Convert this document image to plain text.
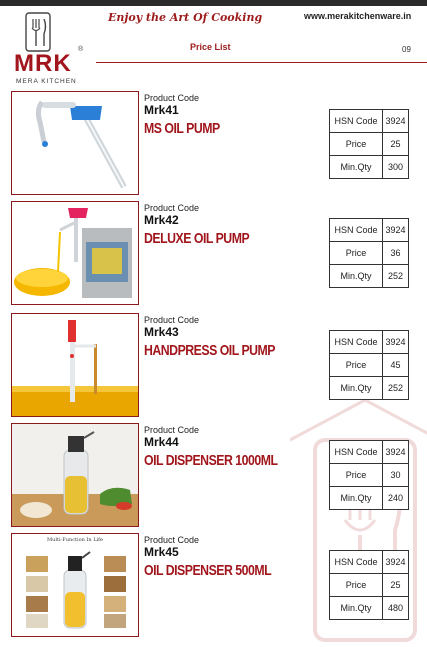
MRK
®
MERA KITCHEN
Enjoy the Art Of Cooking	www.merakitchenware.in
Price List	09
Product Code
Mrk41
MS OIL PUMP	HSN Code	3924
Price	25
Min.Qty	300
Product Code
Mrk42
DELUXE OIL PUMP	HSN Code	3924
Price	36
Min.Qty	252
Product Code
Mrk43
HANDPRESS OIL PUMP	HSN Code	3924
Price	45
Min.Qty	252
Product Code
Mrk44
OIL DISPENSER 1000ML	HSN Code	3924
Price	30
Min.Qty	240
Multi-Function In Life	Product Code
Mrk45
OIL DISPENSER 500ML	HSN Code	3924
Price	25
Min.Qty	480
